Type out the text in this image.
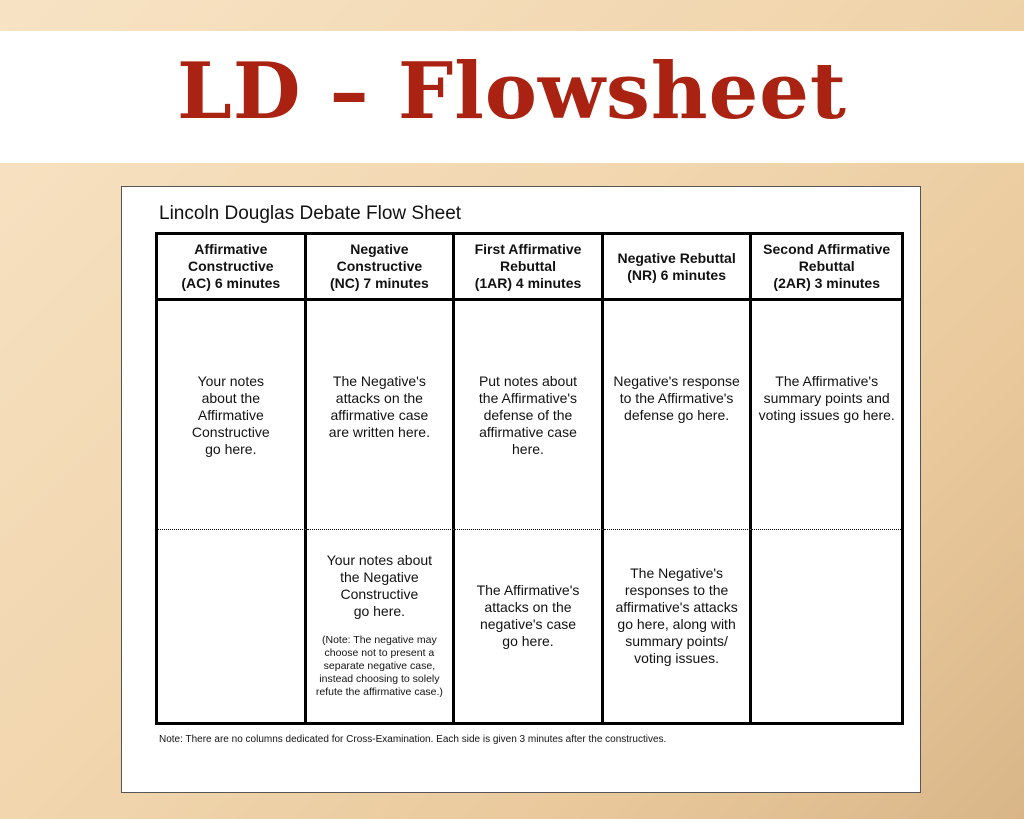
LD – Flowsheet
Lincoln Douglas Debate Flow Sheet
Affirmative
Constructive
(AC) 6 minutes
Negative
Constructive
(NC) 7 minutes
First Affirmative
Rebuttal
(1AR) 4 minutes
Negative Rebuttal
(NR) 6 minutes
Second Affirmative
Rebuttal
(2AR) 3 minutes
Your notes
about the
Affirmative
Constructive
go here.
The Negative's
attacks on the
affirmative case
are written here.
Put notes about
the Affirmative's
defense of the
affirmative case
here.
Negative's response
to the Affirmative's
defense go here.
The Affirmative's
summary points and
voting issues go here.
Your notes about
the Negative
Constructive
go here.
(Note: The negative may
choose not to present a
separate negative case,
instead choosing to solely
refute the affirmative case.)
The Affirmative's
attacks on the
negative's case
go here.
The Negative's
responses to the
affirmative's attacks
go here, along with
summary points/
voting issues.
Note: There are no columns dedicated for Cross-Examination. Each side is given 3 minutes after the constructives.
